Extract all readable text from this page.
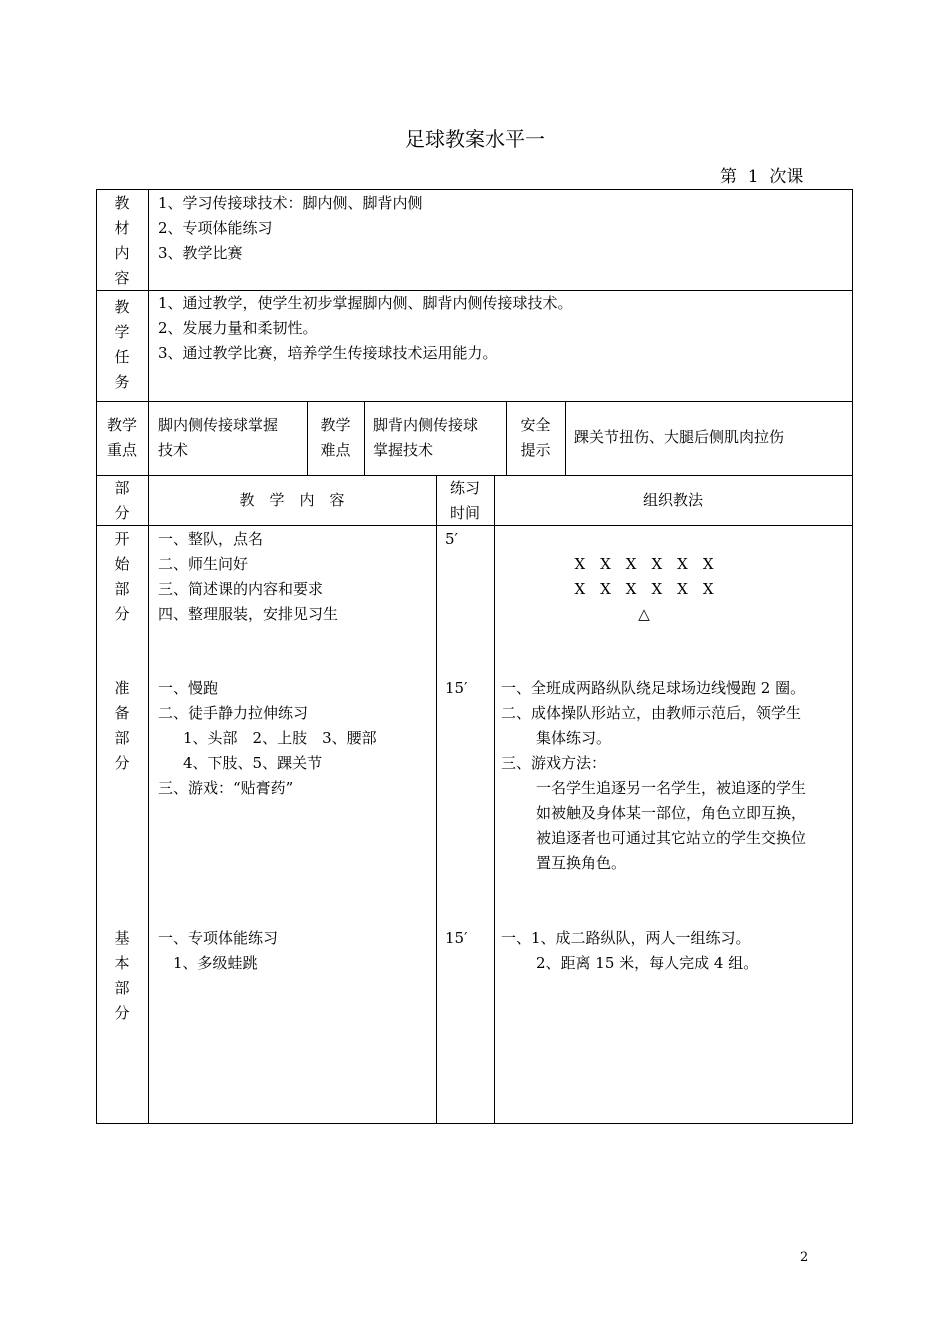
足球教案水平一
第  1  次课
教
材
内
容
1、学习传接球技术：脚内侧、脚背内侧
2、专项体能练习
3、教学比赛
教
学
任
务
1、通过教学，使学生初步掌握脚内侧、脚背内侧传接球技术。
2、发展力量和柔韧性。
3、通过教学比赛，培养学生传接球技术运用能力。
教学
重点
脚内侧传接球掌握
技术
教学
难点
脚背内侧传接球
掌握技术
安全
提示
踝关节扭伤、大腿后侧肌肉拉伤
部
分
教　学　内　容
练习
时间
组织教法
开
始
部
分
一、整队，点名
二、师生问好
三、简述课的内容和要求
四、整理服装，安排见习生
5′
X　X　X　X　X　X
X　X　X　X　X　X
△
准
备
部
分
一、慢跑
二、徒手静力拉伸练习
1、头部　2、上肢　3、腰部
4、下肢、5、踝关节
三、游戏：“贴膏药”
15′ 一、全班成两路纵队绕足球场边线慢跑 2 圈。
二、成体操队形站立，由教师示范后，领学生
集体练习。
三、游戏方法：
一名学生追逐另一名学生，被追逐的学生
如被触及身体某一部位，角色立即互换，
被追逐者也可通过其它站立的学生交换位
置互换角色。
基
本
部
分
一、专项体能练习
1、多级蛙跳
15′ 一、1、成二路纵队，两人一组练习。
2、距离 15 米，每人完成 4 组。
2
